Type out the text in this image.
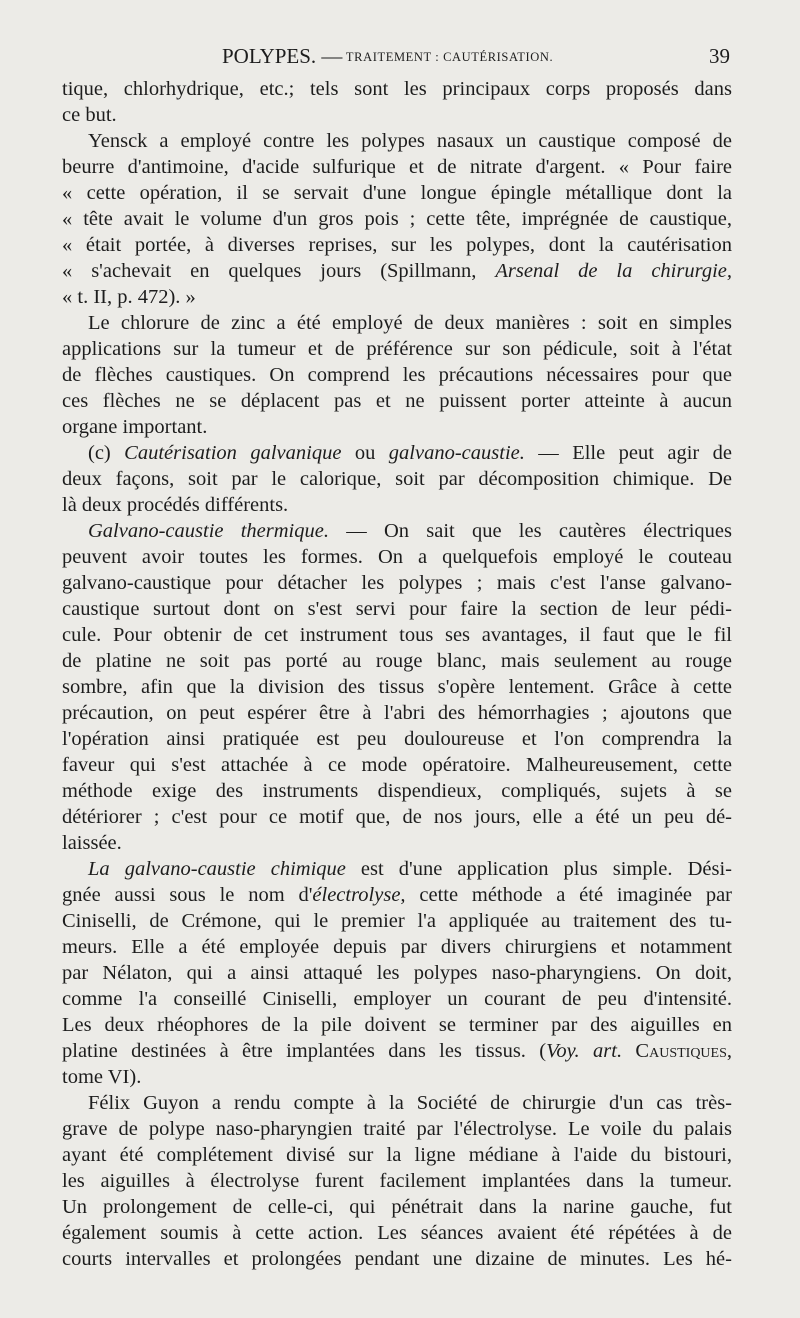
POLYPES. — TRAITEMENT : CAUTÉRISATION.	39
tique, chlorhydrique, etc.; tels sont les principaux corps proposés dans
ce but.
Yensck a employé contre les polypes nasaux un caustique composé de
beurre d'antimoine, d'acide sulfurique et de nitrate d'argent. « Pour faire
« cette opération, il se servait d'une longue épingle métallique dont la
« tête avait le volume d'un gros pois ; cette tête, imprégnée de caustique,
« était portée, à diverses reprises, sur les polypes, dont la cautérisation
« s'achevait en quelques jours (Spillmann, Arsenal de la chirurgie,
« t. II, p. 472). »
Le chlorure de zinc a été employé de deux manières : soit en simples
applications sur la tumeur et de préférence sur son pédicule, soit à l'état
de flèches caustiques. On comprend les précautions nécessaires pour que
ces flèches ne se déplacent pas et ne puissent porter atteinte à aucun
organe important.
(c) Cautérisation galvanique ou galvano-caustie. — Elle peut agir de
deux façons, soit par le calorique, soit par décomposition chimique. De
là deux procédés différents.
Galvano-caustie thermique. — On sait que les cautères électriques
peuvent avoir toutes les formes. On a quelquefois employé le couteau
galvano-caustique pour détacher les polypes ; mais c'est l'anse galvano-
caustique surtout dont on s'est servi pour faire la section de leur pédi-
cule. Pour obtenir de cet instrument tous ses avantages, il faut que le fil
de platine ne soit pas porté au rouge blanc, mais seulement au rouge
sombre, afin que la division des tissus s'opère lentement. Grâce à cette
précaution, on peut espérer être à l'abri des hémorrhagies ; ajoutons que
l'opération ainsi pratiquée est peu douloureuse et l'on comprendra la
faveur qui s'est attachée à ce mode opératoire. Malheureusement, cette
méthode exige des instruments dispendieux, compliqués, sujets à se
détériorer ; c'est pour ce motif que, de nos jours, elle a été un peu dé-
laissée.
La galvano-caustie chimique est d'une application plus simple. Dési-
gnée aussi sous le nom d'électrolyse, cette méthode a été imaginée par
Ciniselli, de Crémone, qui le premier l'a appliquée au traitement des tu-
meurs. Elle a été employée depuis par divers chirurgiens et notamment
par Nélaton, qui a ainsi attaqué les polypes naso-pharyngiens. On doit,
comme l'a conseillé Ciniselli, employer un courant de peu d'intensité.
Les deux rhéophores de la pile doivent se terminer par des aiguilles en
platine destinées à être implantées dans les tissus. (Voy. art. Caustiques,
tome VI).
Félix Guyon a rendu compte à la Société de chirurgie d'un cas très-
grave de polype naso-pharyngien traité par l'électrolyse. Le voile du palais
ayant été complétement divisé sur la ligne médiane à l'aide du bistouri,
les aiguilles à électrolyse furent facilement implantées dans la tumeur.
Un prolongement de celle-ci, qui pénétrait dans la narine gauche, fut
également soumis à cette action. Les séances avaient été répétées à de
courts intervalles et prolongées pendant une dizaine de minutes. Les hé-
